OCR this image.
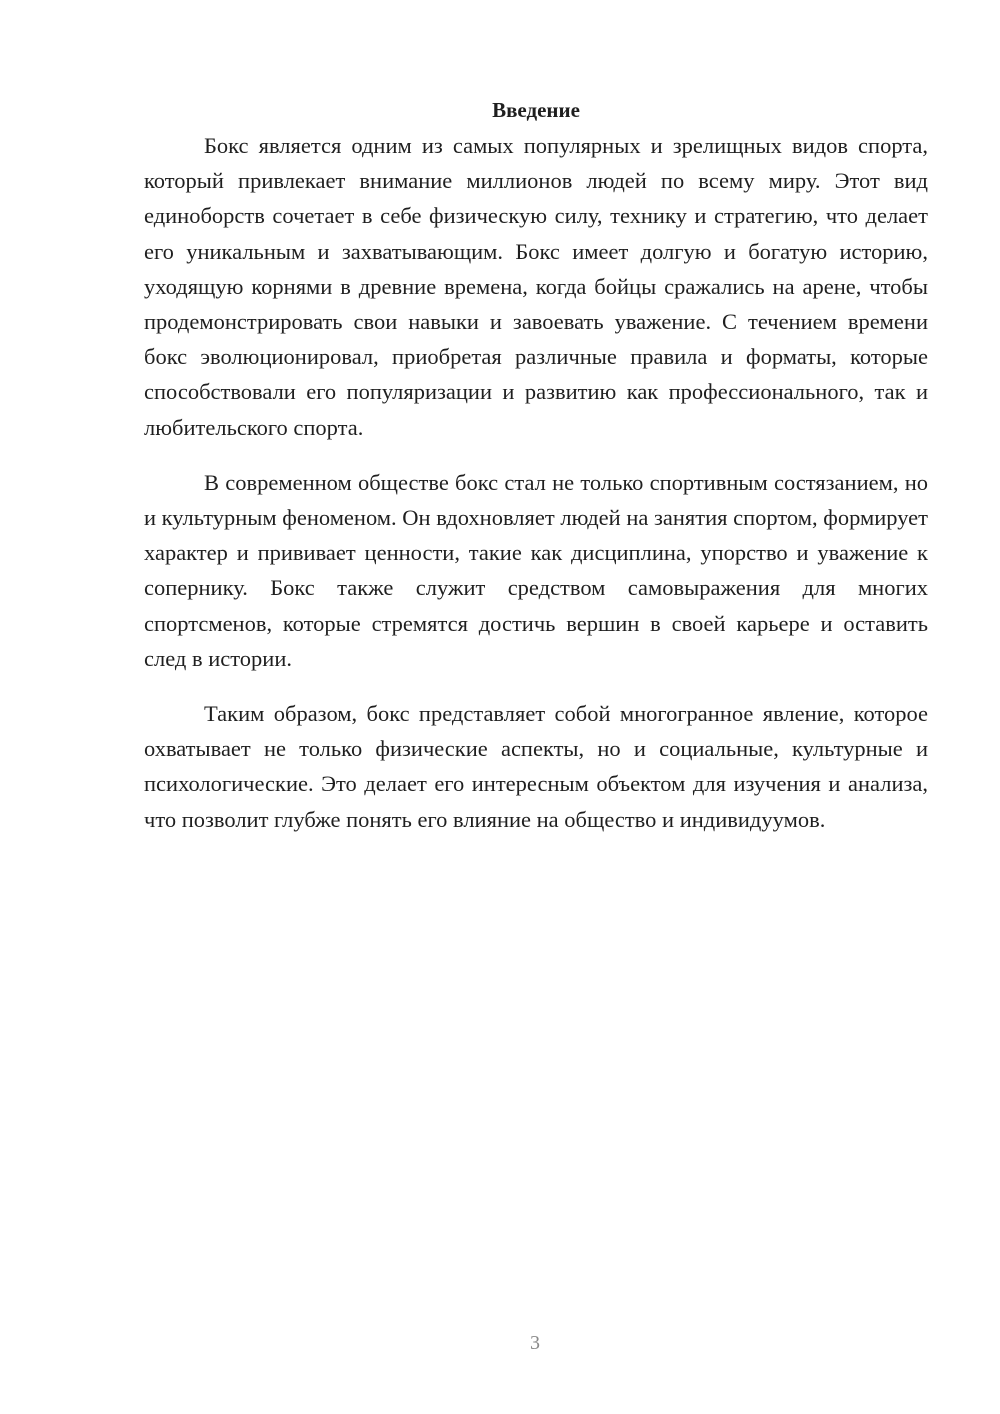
Введение

Бокс является одним из самых популярных и зрелищных видов спорта, который привлекает внимание миллионов людей по всему миру. Этот вид единоборств сочетает в себе физическую силу, технику и стратегию, что делает его уникальным и захватывающим. Бокс имеет долгую и богатую историю, уходящую корнями в древние времена, когда бойцы сражались на арене, чтобы продемонстрировать свои навыки и завоевать уважение. С течением времени бокс эволюционировал, приобретая различные правила и форматы, которые способствовали его популяризации и развитию как профессионального, так и любительского спорта.

В современном обществе бокс стал не только спортивным состязанием, но и культурным феноменом. Он вдохновляет людей на занятия спортом, формирует характер и прививает ценности, такие как дисциплина, упорство и уважение к сопернику. Бокс также служит средством самовыражения для многих спортсменов, которые стремятся достичь вершин в своей карьере и оставить след в истории.

Таким образом, бокс представляет собой многогранное явление, которое охватывает не только физические аспекты, но и социальные, культурные и психологические. Это делает его интересным объектом для изучения и анализа, что позволит глубже понять его влияние на общество и индивидуумов.

3
